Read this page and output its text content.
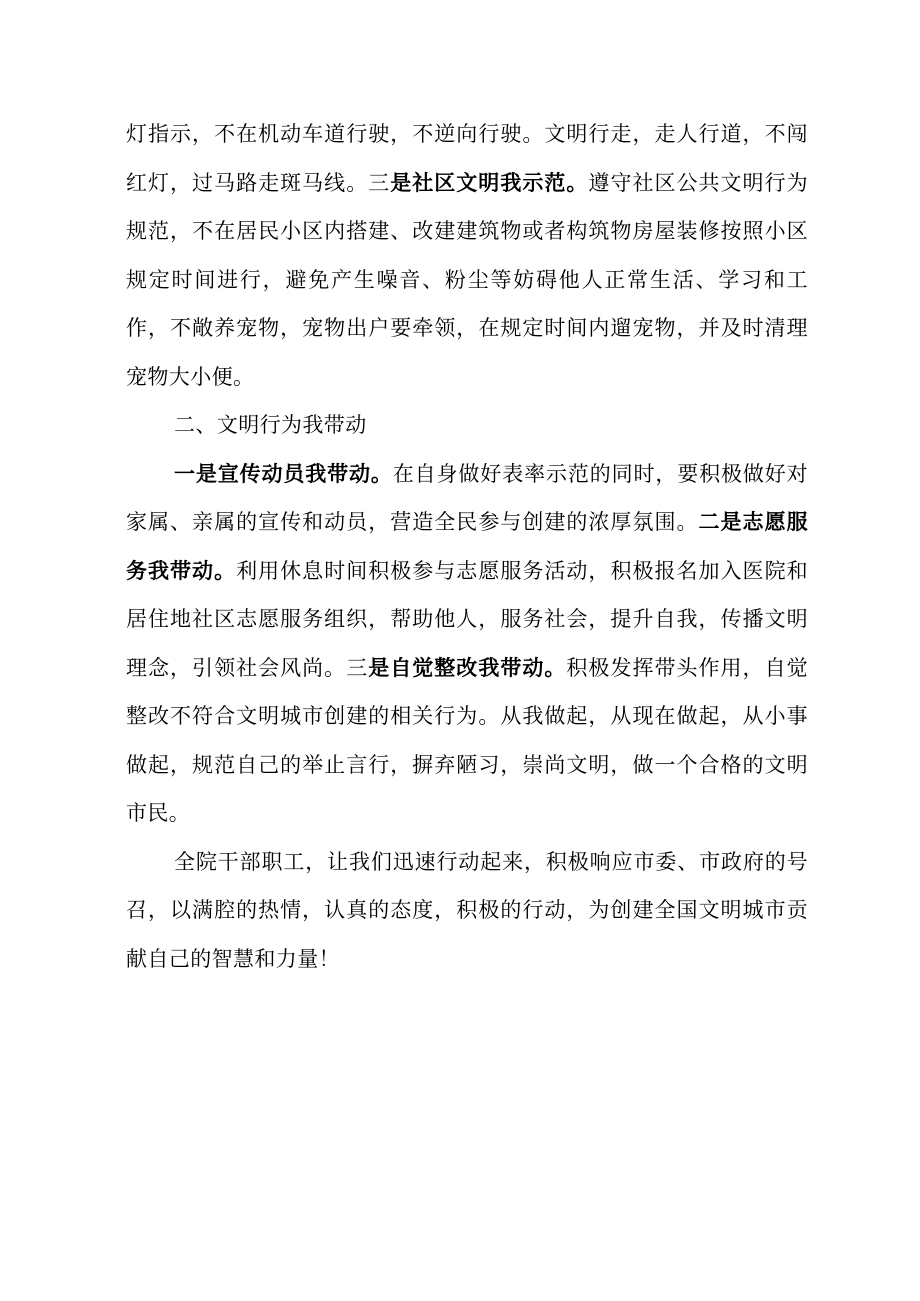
灯指示，不在机动车道行驶，不逆向行驶。文明行走，走人行道，不闯红灯，过马路走斑马线。三是社区文明我示范。遵守社区公共文明行为规范，不在居民小区内搭建、改建建筑物或者构筑物房屋装修按照小区规定时间进行，避免产生噪音、粉尘等妨碍他人正常生活、学习和工作，不敞养宠物，宠物出户要牵领，在规定时间内遛宠物，并及时清理宠物大小便。

二、文明行为我带动

一是宣传动员我带动。在自身做好表率示范的同时，要积极做好对家属、亲属的宣传和动员，营造全民参与创建的浓厚氛围。二是志愿服务我带动。利用休息时间积极参与志愿服务活动，积极报名加入医院和居住地社区志愿服务组织，帮助他人，服务社会，提升自我，传播文明理念，引领社会风尚。三是自觉整改我带动。积极发挥带头作用，自觉整改不符合文明城市创建的相关行为。从我做起，从现在做起，从小事做起，规范自己的举止言行，摒弃陋习，崇尚文明，做一个合格的文明市民。

全院干部职工，让我们迅速行动起来，积极响应市委、市政府的号召，以满腔的热情，认真的态度，积极的行动，为创建全国文明城市贡献自己的智慧和力量！
